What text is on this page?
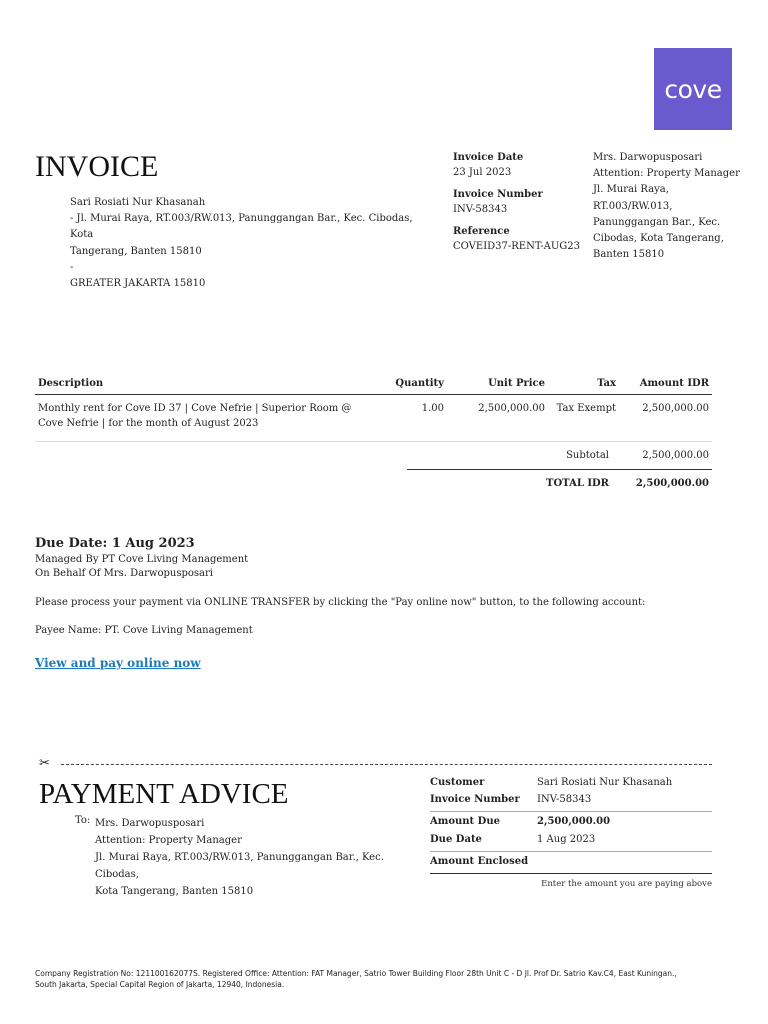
cove
INVOICE
Sari Rosiati Nur Khasanah
- Jl. Murai Raya, RT.003/RW.013, Panunggangan Bar., Kec. Cibodas, Kota
Tangerang, Banten 15810
-
GREATER JAKARTA 15810
Invoice Date
23 Jul 2023
Invoice Number
INV-58343
Reference
COVEID37-RENT-AUG23
Mrs. Darwopusposari
Attention: Property Manager
Jl. Murai Raya,
RT.003/RW.013,
Panunggangan Bar., Kec.
Cibodas, Kota Tangerang,
Banten 15810
Description	Quantity	Unit Price	Tax	Amount IDR

Monthly rent for Cove ID 37 | Cove Nefrie | Superior Room @
Cove Nefrie | for the month of August 2023	1.00	2,500,000.00	Tax Exempt	2,500,000.00
Subtotal	2,500,000.00
TOTAL IDR	2,500,000.00
Due Date: 1 Aug 2023
Managed By PT Cove Living Management
On Behalf Of Mrs. Darwopusposari
Please process your payment via ONLINE TRANSFER by clicking the "Pay online now" button, to the following account:
Payee Name: PT. Cove Living Management
View and pay online now
✂
PAYMENT ADVICE
To: Mrs. Darwopusposari
Attention: Property Manager
Jl. Murai Raya, RT.003/RW.013, Panunggangan Bar., Kec. Cibodas,
Kota Tangerang, Banten 15810
Customer	Sari Rosiati Nur Khasanah
Invoice Number INV-58343
Amount Due	2,500,000.00
Due Date	1 Aug 2023
Amount Enclosed
Enter the amount you are paying above
Company Registration No: 121100162077S. Registered Office: Attention: FAT Manager, Satrio Tower Building Floor 28th Unit C - D Jl. Prof Dr. Satrio Kav.C4, East Kuningan.,
South Jakarta, Special Capital Region of Jakarta, 12940, Indonesia.
